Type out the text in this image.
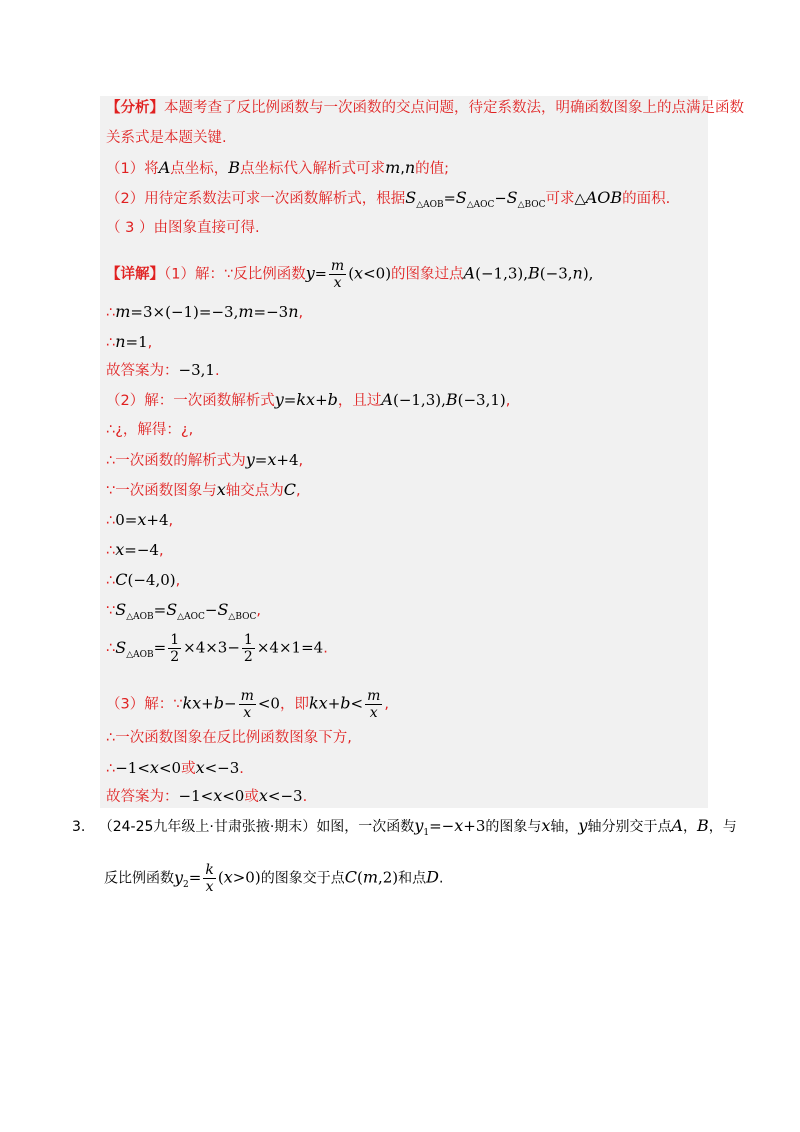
【分析】本题考查了反比例函数与一次函数的交点问题，待定系数法，明确函数图象上的点满足函数
关系式是本题关键.
（1）将A点坐标，B点坐标代入解析式可求m,n的值;
（2）用待定系数法可求一次函数解析式，根据$S_{\triangle AOB}=S_{\triangle AOC}-S_{\triangle BOC}$可求△AOB的面积.
（ 3 ）由图象直接可得.
【详解】（1）解：∵反比例函数$y= \frac{m}{x} (x<0)$的图象过点A(−1,3),B(−3,n),
∴m=3×(−1)=−3,m=−3n,
∴n=1,
故答案为：−3,1.
（2）解：一次函数解析式y=kx+b，且过A(−1,3),B(−3,1),
∴¿，解得：¿,
∴一次函数的解析式为y=x+4,
∵一次函数图象与x轴交点为C,
∴0=x+4,
∴x=−4,
∴C(−4,0),
$\because S_{\triangle AOB}=S_{\triangle AOC}-S_{\triangle BOC}$,
$\therefore S_{\triangle AOB}= \frac{1}{2} \times 4\times 3- \frac{1}{2} \times 4\times 1=4$.
（3）解：∵kx+b− $\frac{m}{x} <0$，即$kx+b< \frac{m}{x}$ ,
∴一次函数图象在反比例函数图象下方,
∴−1<x<0或x<−3.
故答案为：−1<x<0或x<−3.
3. （24-25九年级上·甘肃张掖·期末）如图，一次函数$y_1=-x+3$的图象与x轴，y轴分别交于点A，B，与
反比例函数$y_2= \frac{k}{x} (x>0)$的图象交于点C(m,2)和点D.
